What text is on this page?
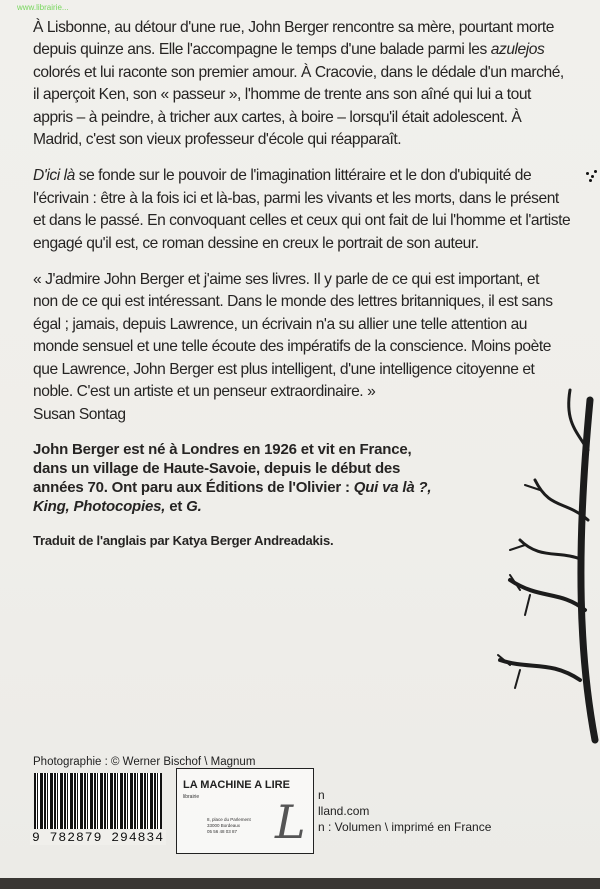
www.librairie...

À Lisbonne, au détour d'une rue, John Berger rencontre sa mère, pourtant morte depuis quinze ans. Elle l'accompagne le temps d'une balade parmi les azulejos colorés et lui raconte son premier amour. À Cracovie, dans le dédale d'un marché, il aperçoit Ken, son « passeur », l'homme de trente ans son aîné qui lui a tout appris – à peindre, à tricher aux cartes, à boire – lorsqu'il était adolescent. À Madrid, c'est son vieux professeur d'école qui réapparaît.

D'ici là se fonde sur le pouvoir de l'imagination littéraire et le don d'ubiquité de l'écrivain : être à la fois ici et là-bas, parmi les vivants et les morts, dans le présent et dans le passé. En convoquant celles et ceux qui ont fait de lui l'homme et l'artiste engagé qu'il est, ce roman dessine en creux le portrait de son auteur.

« J'admire John Berger et j'aime ses livres. Il y parle de ce qui est important, et non de ce qui est intéressant. Dans le monde des lettres britanniques, il est sans égal ; jamais, depuis Lawrence, un écrivain n'a su allier une telle attention au monde sensuel et une telle écoute des impératifs de la conscience. Moins poète que Lawrence, John Berger est plus intelligent, d'une intelligence citoyenne et noble. C'est un artiste et un penseur extraordinaire. »
Susan Sontag

John Berger est né à Londres en 1926 et vit en France, dans un village de Haute-Savoie, depuis le début des années 70. Ont paru aux Éditions de l'Olivier : Qui va là ?, King, Photocopies, et G.

Traduit de l'anglais par Katya Berger Andreadakis.

Photographie : © Werner Bischof \ Magnum
9 782879 294834
n
lland.com
n : Volumen \ imprimé en France
L
LA MACHINE A LIRE
librairie
8, place du Parlement
33000 Bordeaux
05 56 48 03 87
